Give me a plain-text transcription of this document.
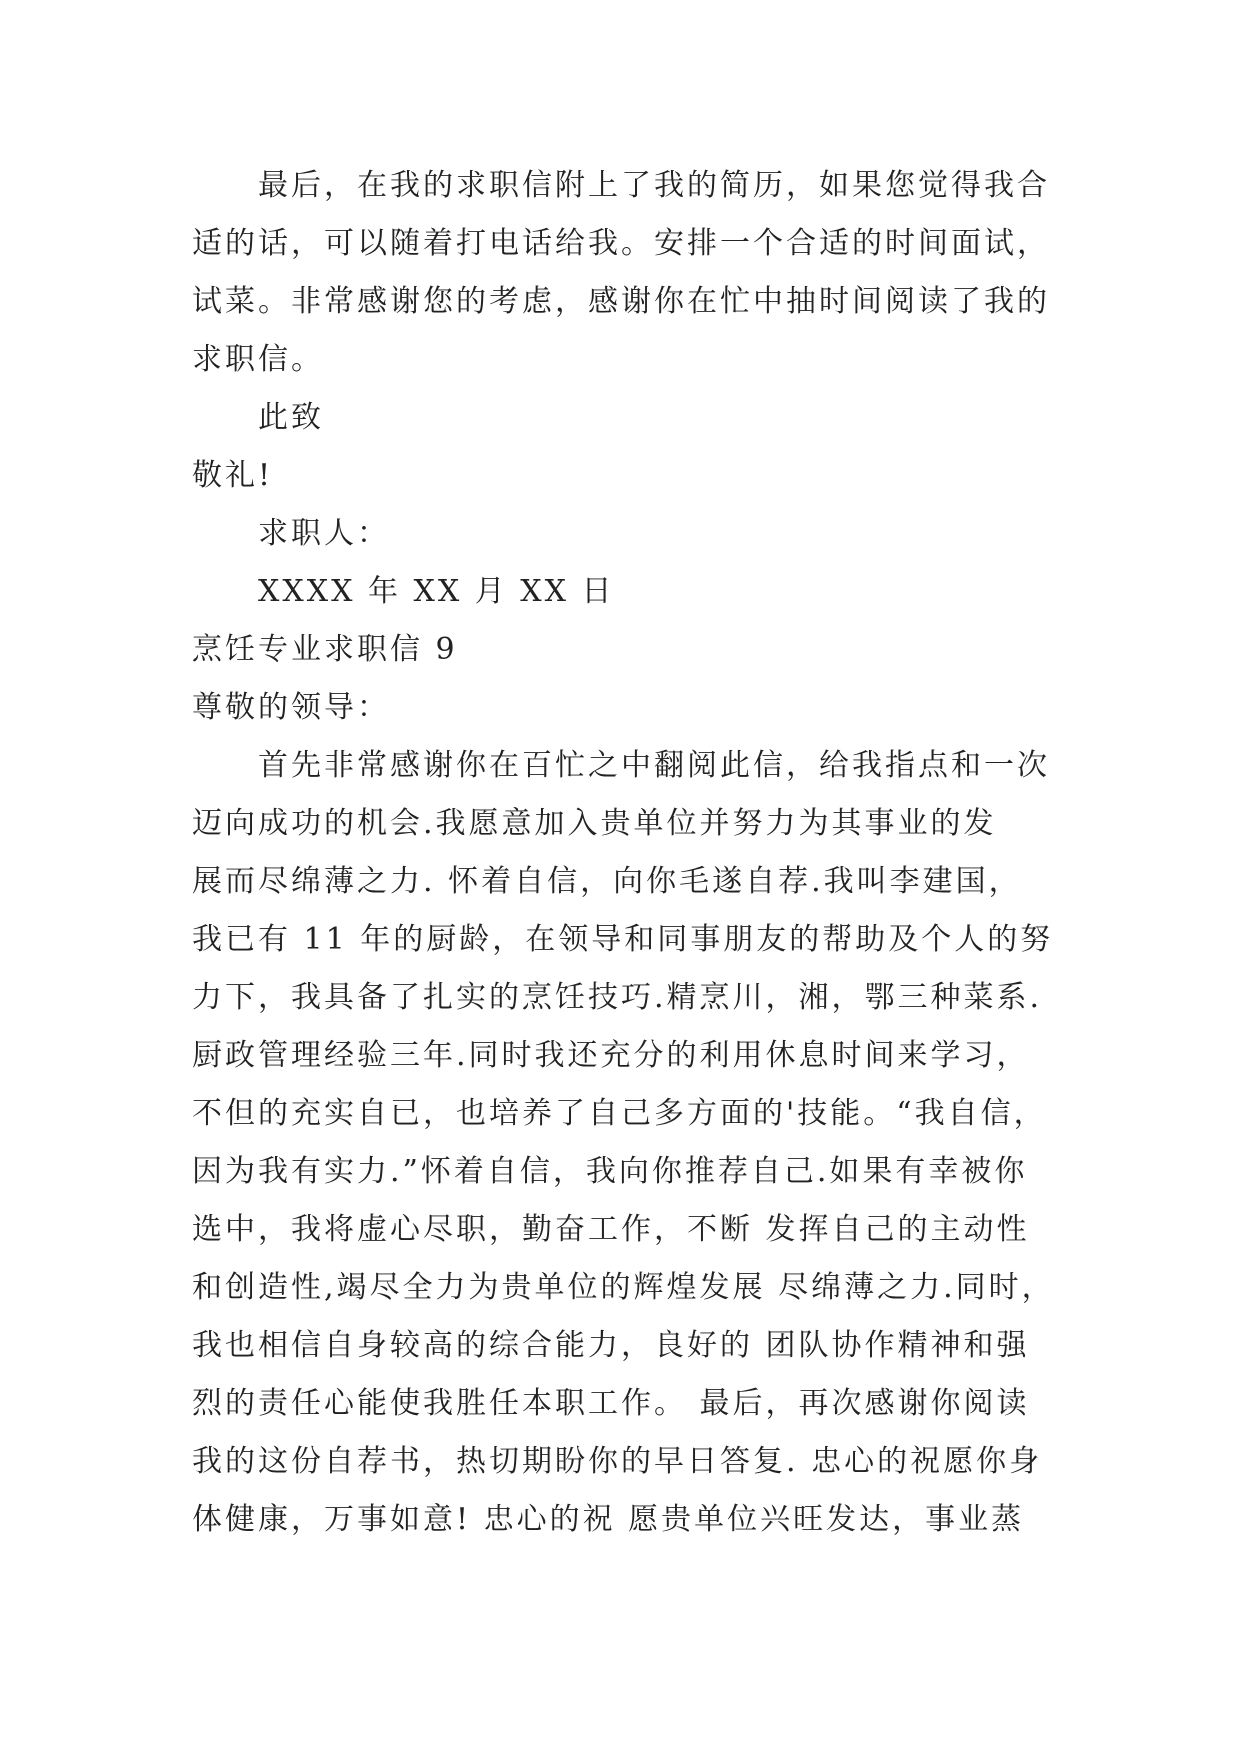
最后，在我的求职信附上了我的简历，如果您觉得我合
适的话，可以随着打电话给我。安排一个合适的时间面试，
试菜。非常感谢您的考虑，感谢你在忙中抽时间阅读了我的
求职信。
此致
敬礼!
求职人：
XXXX 年 XX 月 XX 日
烹饪专业求职信 9
尊敬的领导：
首先非常感谢你在百忙之中翻阅此信，给我指点和一次
迈向成功的机会.我愿意加入贵单位并努力为其事业的发
展而尽绵薄之力. 怀着自信，向你毛遂自荐.我叫李建国，
我已有 11 年的厨龄，在领导和同事朋友的帮助及个人的努
力下，我具备了扎实的烹饪技巧.精烹川，湘，鄂三种菜系.
厨政管理经验三年.同时我还充分的利用休息时间来学习，
不但的充实自已，也培养了自己多方面的'技能。“我自信，
因为我有实力.”怀着自信，我向你推荐自己.如果有幸被你
选中，我将虚心尽职，勤奋工作，不断 发挥自己的主动性
和创造性,竭尽全力为贵单位的辉煌发展 尽绵薄之力.同时，
我也相信自身较高的综合能力，良好的 团队协作精神和强
烈的责任心能使我胜任本职工作。 最后，再次感谢你阅读
我的这份自荐书，热切期盼你的早日答复. 忠心的祝愿你身
体健康，万事如意! 忠心的祝 愿贵单位兴旺发达，事业蒸
